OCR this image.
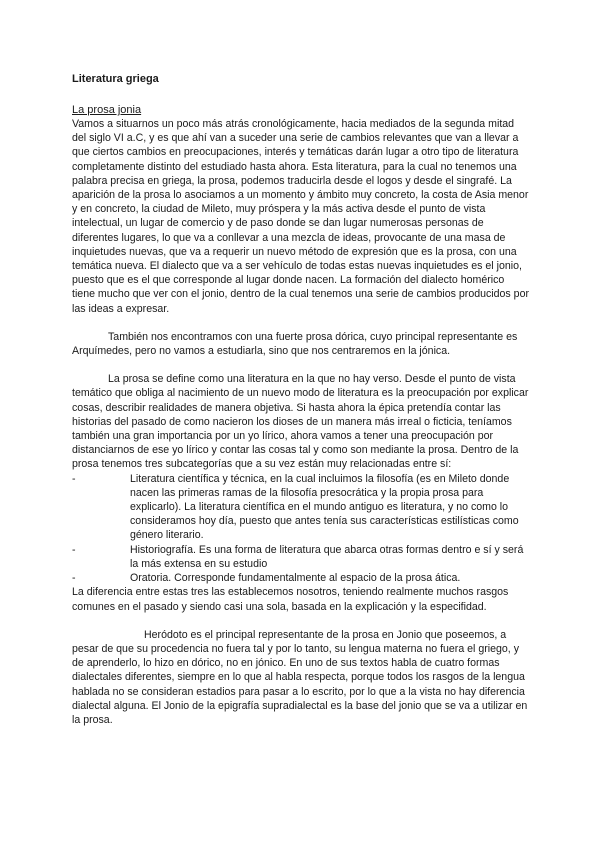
Literatura griega
La prosa jonia

Vamos a situarnos un poco más atrás cronológicamente, hacia mediados de la segunda mitad del siglo VI a.C, y es que ahí van a suceder una serie de cambios relevantes que van a llevar a que ciertos cambios en preocupaciones, interés y temáticas darán lugar a otro tipo de literatura completamente distinto del estudiado hasta ahora. Esta literatura, para la cual no tenemos una palabra precisa en griega, la prosa, podemos traducirla desde el logos y desde el singrafé. La aparición de la prosa lo asociamos a un momento y ámbito muy concreto, la costa de Asia menor y en concreto, la ciudad de Mileto, muy próspera y la más activa desde el punto de vista intelectual, un lugar de comercio y de paso donde se dan lugar numerosas personas de diferentes lugares, lo que va a conllevar a una mezcla de ideas, provocante de una masa de inquietudes nuevas, que va a requerir un nuevo método de expresión que es la prosa, con una temática nueva. El dialecto que va a ser vehículo de todas estas nuevas inquietudes es el jonio, puesto que es el que corresponde al lugar donde nacen. La formación del dialecto homérico tiene mucho que ver con el jonio, dentro de la cual tenemos una serie de cambios producidos por las ideas a expresar.

También nos encontramos con una fuerte prosa dórica, cuyo principal representante es Arquímedes, pero no vamos a estudiarla, sino que nos centraremos en la jónica.

La prosa se define como una literatura en la que no hay verso. Desde el punto de vista temático que obliga al nacimiento de un nuevo modo de literatura es la preocupación por explicar cosas, describir realidades de manera objetiva. Si hasta ahora la épica pretendía contar las historias del pasado de como nacieron los dioses de un manera más irreal o ficticia, teníamos también una gran importancia por un yo lírico, ahora vamos a tener una preocupación por distanciarnos de ese yo lírico y contar las cosas tal y como son mediante la prosa. Dentro de la prosa tenemos tres subcategorías que a su vez están muy relacionadas entre sí:

-	Literatura científica y técnica, en la cual incluimos la filosofía (es en Mileto donde nacen las primeras ramas de la filosofía presocrática y la propia prosa para explicarlo). La literatura científica en el mundo antiguo es literatura, y no como lo consideramos hoy día, puesto que antes tenía sus características estilísticas como género literario.
-	Historiografía. Es una forma de literatura que abarca otras formas dentro e sí y será la más extensa en su estudio
-	Oratoria. Corresponde fundamentalmente al espacio de la prosa ática.

La diferencia entre estas tres las establecemos nosotros, teniendo realmente muchos rasgos comunes en el pasado y siendo casi una sola, basada en la explicación y la especifidad.

Heródoto es el principal representante de la prosa en Jonio que poseemos, a pesar de que su procedencia no fuera tal y por lo tanto, su lengua materna no fuera el griego, y de aprenderlo, lo hizo en dórico, no en jónico. En uno de sus textos habla de cuatro formas dialectales diferentes, siempre en lo que al habla respecta, porque todos los rasgos de la lengua hablada no se consideran estadios para pasar a lo escrito, por lo que a la vista no hay diferencia dialectal alguna. El Jonio de la epigrafía supradialectal es la base del jonio que se va a utilizar en la prosa.
